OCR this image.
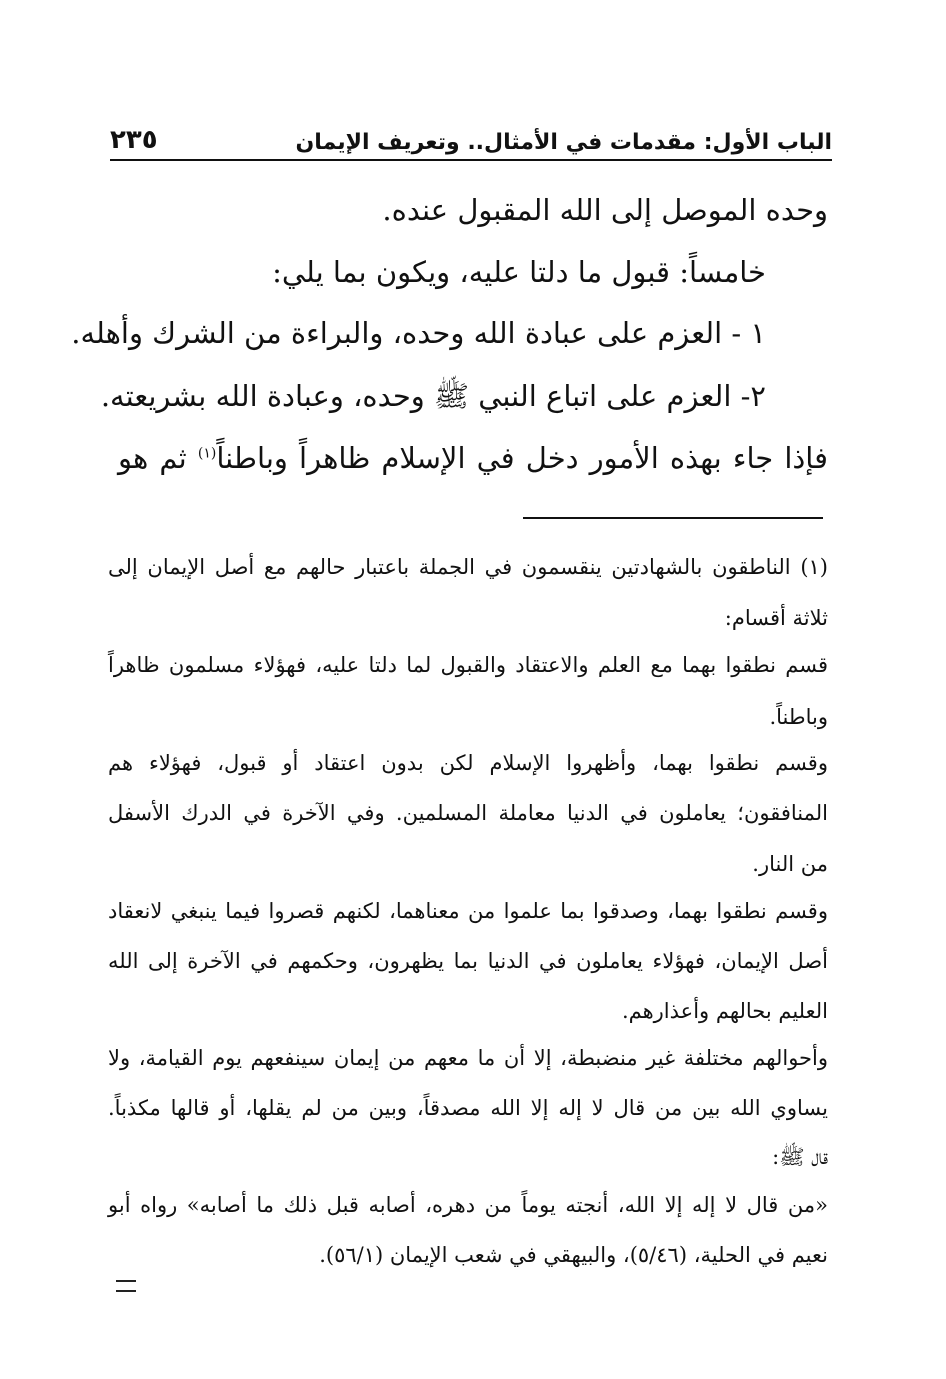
الباب الأول: مقدمات في الأمثال.. وتعريف الإيمان
٢٣٥
وحده الموصل إلى الله المقبول عنده.
خامساً: قبول ما دلتا عليه، ويكون بما يلي:
١ - العزم على عبادة الله وحده، والبراءة من الشرك وأهله.
٢- العزم على اتباع النبي ﷺ وحده، وعبادة الله بشريعته.
فإذا جاء بهذه الأمور دخل في الإسلام ظاهراً وباطناً$^{(١)}$ ثم هو
(١) الناطقون بالشهادتين ينقسمون في الجملة باعتبار حالهم مع أصل الإيمان إلى
ثلاثة أقسام:
قسم نطقوا بهما مع العلم والاعتقاد والقبول لما دلتا عليه، فهؤلاء مسلمون ظاهراً
وباطناً.
وقسم نطقوا بهما، وأظهروا الإسلام لكن بدون اعتقاد أو قبول، فهؤلاء هم
المنافقون؛ يعاملون في الدنيا معاملة المسلمين. وفي الآخرة في الدرك الأسفل
من النار.
وقسم نطقوا بهما، وصدقوا بما علموا من معناهما، لكنهم قصروا فيما ينبغي لانعقاد
أصل الإيمان، فهؤلاء يعاملون في الدنيا بما يظهرون، وحكمهم في الآخرة إلى الله
العليم بحالهم وأعذارهم.
وأحوالهم مختلفة غير منضبطة، إلا أن ما معهم من إيمان سينفعهم يوم القيامة، ولا
يساوي الله بين من قال لا إله إلا الله مصدقاً، وبين من لم يقلها، أو قالها مكذباً.
قال ﷺ:
«من قال لا إله إلا الله، أنجته يوماً من دهره، أصابه قبل ذلك ما أصابه» رواه أبو
نعيم في الحلية، (٥/٤٦)، والبيهقي في شعب الإيمان (٥٦/١).
